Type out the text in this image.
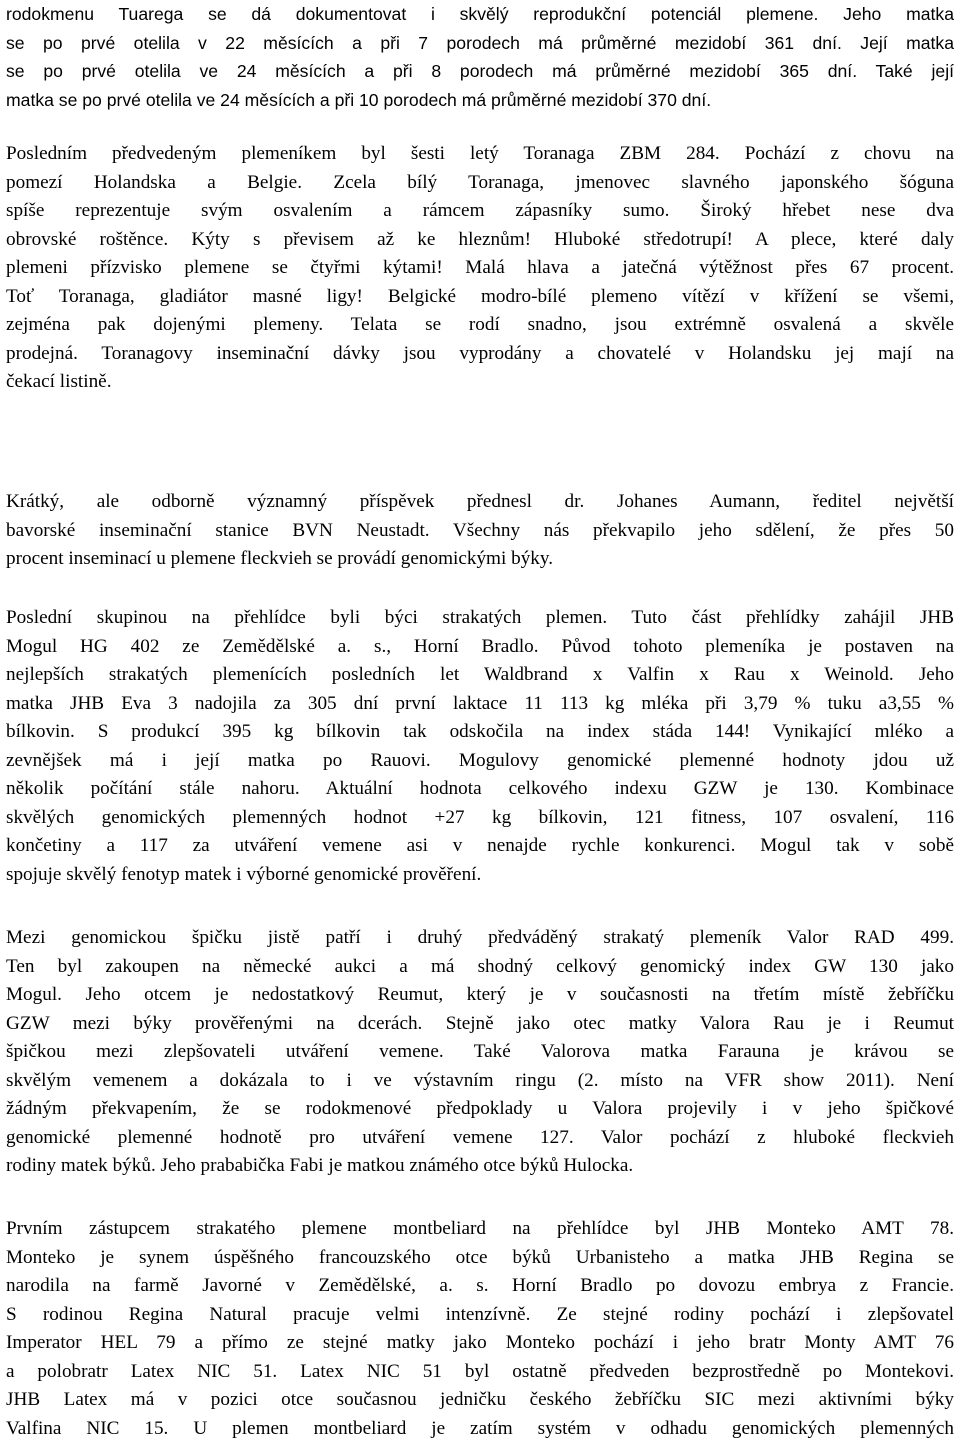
rodokmenu Tuarega se dá dokumentovat i skvělý reprodukční potenciál plemene. Jeho matka
se po prvé otelila v 22 měsících a při 7 porodech má průměrné mezidobí 361 dní. Její matka
se po prvé otelila ve 24 měsících a při 8 porodech má průměrné mezidobí 365 dní. Také její
matka se po prvé otelila ve 24 měsících a při 10 porodech má průměrné mezidobí 370 dní.

Posledním předvedeným plemeníkem byl šesti letý Toranaga ZBM 284. Pochází z chovu na
pomezí Holandska a Belgie. Zcela bílý Toranaga, jmenovec slavného japonského šóguna
spíše reprezentuje svým osvalením a rámcem zápasníky sumo. Široký hřebet nese dva
obrovské roštěnce. Kýty s převisem až ke hleznům! Hluboké středotrupí! A plece, které daly
plemeni přízvisko plemene se čtyřmi kýtami! Malá hlava a jatečná výtěžnost přes 67 procent.
Toť Toranaga, gladiátor masné ligy! Belgické modro-bílé plemeno vítězí v křížení se všemi,
zejména pak dojenými plemeny. Telata se rodí snadno, jsou extrémně osvalená a skvěle
prodejná. Toranagovy inseminační dávky jsou vyprodány a chovatelé v Holandsku jej mají na
čekací listině.

Krátký, ale odborně významný příspěvek přednesl dr. Johanes Aumann, ředitel největší
bavorské inseminační stanice BVN Neustadt. Všechny nás překvapilo jeho sdělení, že přes 50
procent inseminací u plemene fleckvieh se provádí genomickými býky.

Poslední skupinou na přehlídce byli býci strakatých plemen. Tuto část přehlídky zahájil JHB
Mogul HG 402 ze Zemědělské a. s., Horní Bradlo. Původ tohoto plemeníka je postaven na
nejlepších strakatých plemenících posledních let Waldbrand x Valfin x Rau x Weinold. Jeho
matka JHB Eva 3 nadojila za 305 dní první laktace 11 113 kg mléka při 3,79 % tuku a3,55 %
bílkovin. S produkcí 395 kg bílkovin tak odskočila na index stáda 144! Vynikající mléko a
zevnějšek má i její matka po Rauovi. Mogulovy genomické plemenné hodnoty jdou už
několik počítání stále nahoru. Aktuální hodnota celkového indexu GZW je 130. Kombinace
skvělých genomických plemenných hodnot +27 kg bílkovin, 121 fitness, 107 osvalení, 116
končetiny a 117 za utváření vemene asi v nenajde rychle konkurenci. Mogul tak v sobě
spojuje skvělý fenotyp matek i výborné genomické prověření.

Mezi genomickou špičku jistě patří i druhý předváděný strakatý plemeník Valor RAD 499.
Ten byl zakoupen na německé aukci a má shodný celkový genomický index GW 130 jako
Mogul. Jeho otcem je nedostatkový Reumut, který je v současnosti na třetím místě žebříčku
GZW mezi býky prověřenými na dcerách. Stejně jako otec matky Valora Rau je i Reumut
špičkou mezi zlepšovateli utváření vemene. Také Valorova matka Farauna je krávou se
skvělým vemenem a dokázala to i ve výstavním ringu (2. místo na VFR show 2011). Není
žádným překvapením, že se rodokmenové předpoklady u Valora projevily i v jeho špičkové
genomické plemenné hodnotě pro utváření vemene 127. Valor pochází z hluboké fleckvieh
rodiny matek býků. Jeho prababička Fabi je matkou známého otce býků Hulocka.

Prvním zástupcem strakatého plemene montbeliard na přehlídce byl JHB Monteko AMT 78.
Monteko je synem úspěšného francouzského otce býků Urbanisteho a matka JHB Regina se
narodila na farmě Javorné v Zemědělské, a. s. Horní Bradlo po dovozu embrya z Francie.
S rodinou Regina Natural pracuje velmi intenzívně. Ze stejné rodiny pochází i zlepšovatel
Imperator HEL 79 a přímo ze stejné matky jako Monteko pochází i jeho bratr Monty AMT 76
a polobratr Latex NIC 51. Latex NIC 51 byl ostatně předveden bezprostředně po Montekovi.
JHB Latex má v pozici otce současnou jedničku českého žebříčku SIC mezi aktivními býky
Valfina NIC 15. U plemen montbeliard je zatím systém v odhadu genomických plemenných
